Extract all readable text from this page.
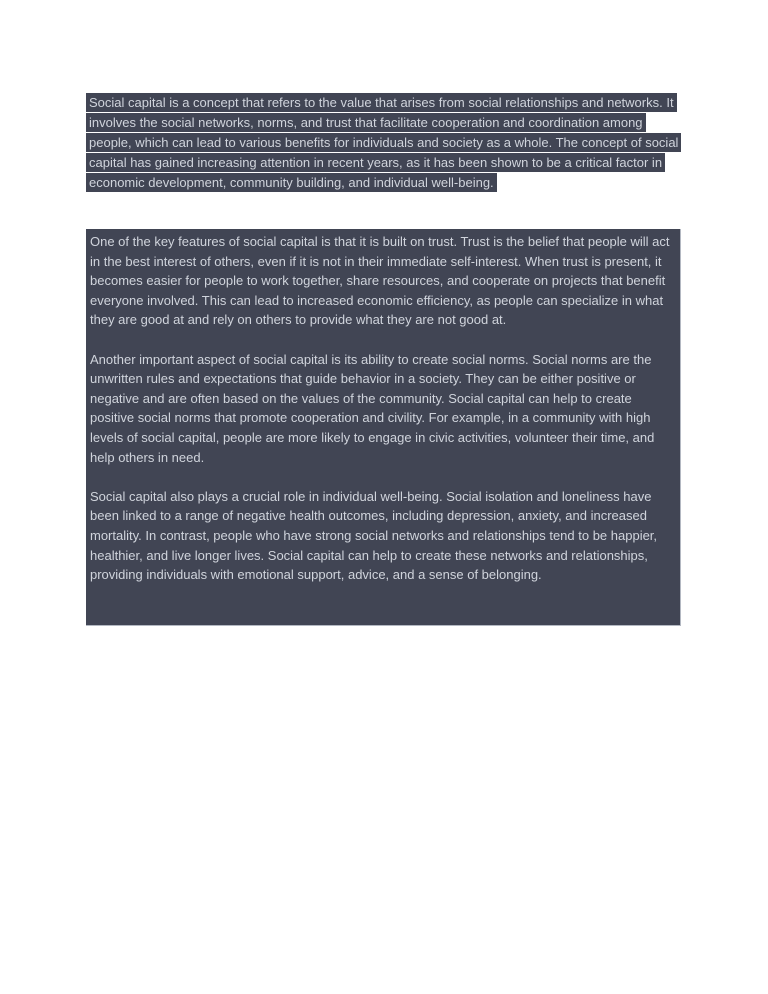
Social capital is a concept that refers to the value that arises from social relationships and networks. It involves the social networks, norms, and trust that facilitate cooperation and coordination among people, which can lead to various benefits for individuals and society as a whole. The concept of social capital has gained increasing attention in recent years, as it has been shown to be a critical factor in economic development, community building, and individual well-being.

One of the key features of social capital is that it is built on trust. Trust is the belief that people will act in the best interest of others, even if it is not in their immediate self-interest. When trust is present, it becomes easier for people to work together, share resources, and cooperate on projects that benefit everyone involved. This can lead to increased economic efficiency, as people can specialize in what they are good at and rely on others to provide what they are not good at.

Another important aspect of social capital is its ability to create social norms. Social norms are the unwritten rules and expectations that guide behavior in a society. They can be either positive or negative and are often based on the values of the community. Social capital can help to create positive social norms that promote cooperation and civility. For example, in a community with high levels of social capital, people are more likely to engage in civic activities, volunteer their time, and help others in need.

Social capital also plays a crucial role in individual well-being. Social isolation and loneliness have been linked to a range of negative health outcomes, including depression, anxiety, and increased mortality. In contrast, people who have strong social networks and relationships tend to be happier, healthier, and live longer lives. Social capital can help to create these networks and relationships, providing individuals with emotional support, advice, and a sense of belonging.
